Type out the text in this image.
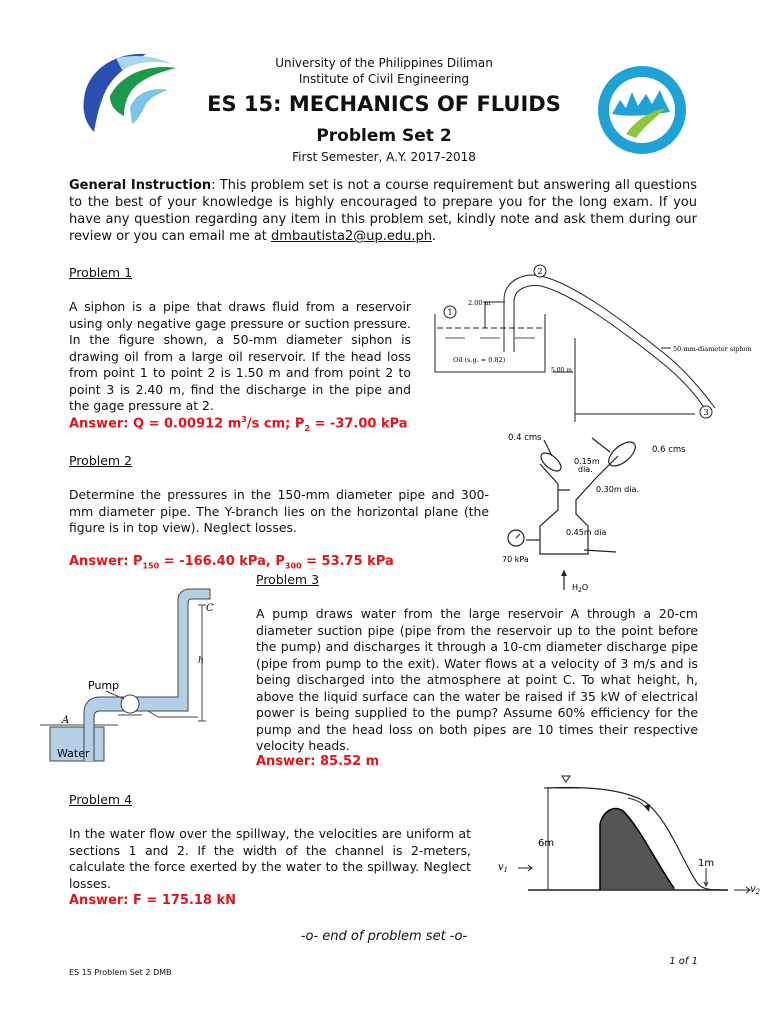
University of the Philippines Diliman
Institute of Civil Engineering
ES 15: MECHANICS OF FLUIDS
Problem Set 2
First Semester, A.Y. 2017-2018
General Instruction: This problem set is not a course requirement but answering all questions to the best of your knowledge is highly encouraged to prepare you for the long exam. If you have any question regarding any item in this problem set, kindly note and ask them during our review or you can email me at dmbautista2@up.edu.ph.
Problem 1
A siphon is a pipe that draws fluid from a reservoir using only negative gage pressure or suction pressure. In the figure shown, a 50-mm diameter siphon is drawing oil from a large oil reservoir. If the head loss from point 1 to point 2 is 1.50 m and from point 2 to point 3 is 2.40 m, find the discharge in the pipe and the gage pressure at 2.
Answer: Q = 0.00912 $m^3/s$ cm; $P_2 = -37.00$ kPa
2
1
3
2.00 m
Oil (s.g. = 0.82)
5.00 m
50-mm-diameter siphon
Problem 2
Determine the pressures in the 150-mm diameter pipe and 300-mm diameter pipe. The Y-branch lies on the horizontal plane (the figure is in top view). Neglect losses.
Answer: $P_{150} = -166.40$ kPa, $P_{300} = 53.75$ kPa
0.4 cms
0.6 cms
0.15m
dia.
0.30m dia.
0.45m dia
70 kPa
$H_2O$
Problem 3
A pump draws water from the large reservoir A through a 20-cm diameter suction pipe (pipe from the reservoir up to the point before the pump) and discharges it through a 10-cm diameter discharge pipe (pipe from pump to the exit). Water flows at a velocity of 3 m/s and is being discharged into the atmosphere at point C. To what height, h, above the liquid surface can the water be raised if 35 kW of electrical power is being supplied to the pump? Assume 60% efficiency for the pump and the head loss on both pipes are 10 times their respective velocity heads.
Answer: 85.52 m
C
h
Pump
A
Water
Problem 4
In the water flow over the spillway, the velocities are uniform at sections 1 and 2. If the width of the channel is 2-meters, calculate the force exerted by the water to the spillway. Neglect losses.
Answer: F = 175.18 kN
6m
1m
$v_1$
$v_2$
-o- end of problem set -o-
1 of 1
ES 15 Problem Set 2 DMB
